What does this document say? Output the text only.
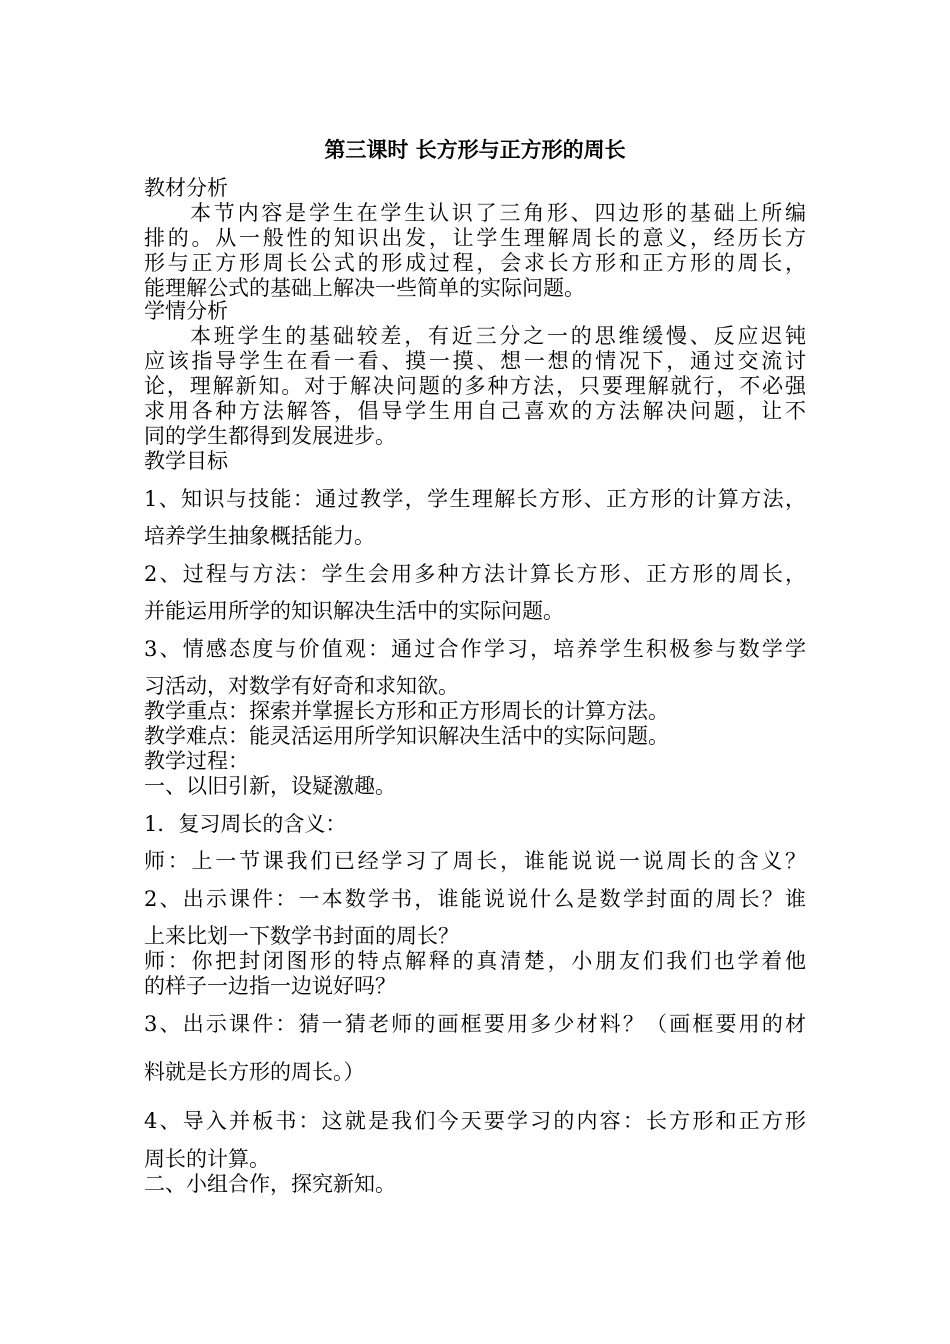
第三课时 长方形与正方形的周长

教材分析

本节内容是学生在学生认识了三角形、四边形的基础上所编

排的。从一般性的知识出发，让学生理解周长的意义，经历长方

形与正方形周长公式的形成过程，会求长方形和正方形的周长，

能理解公式的基础上解决一些简单的实际问题。

学情分析

本班学生的基础较差，有近三分之一的思维缓慢、反应迟钝

应该指导学生在看一看、摸一摸、想一想的情况下，通过交流讨

论，理解新知。对于解决问题的多种方法，只要理解就行，不必强

求用各种方法解答，倡导学生用自己喜欢的方法解决问题，让不

同的学生都得到发展进步。

教学目标

1、知识与技能：通过教学，学生理解长方形、正方形的计算方法，

培养学生抽象概括能力。

2、过程与方法：学生会用多种方法计算长方形、正方形的周长，

并能运用所学的知识解决生活中的实际问题。

3、情感态度与价值观：通过合作学习，培养学生积极参与数学学

习活动，对数学有好奇和求知欲。

教学重点：探索并掌握长方形和正方形周长的计算方法。

教学难点：能灵活运用所学知识解决生活中的实际问题。

教学过程：

一、以旧引新，设疑激趣。

1．复习周长的含义：

师：上一节课我们已经学习了周长，谁能说说一说周长的含义？

2、出示课件：一本数学书，谁能说说什么是数学封面的周长？谁

上来比划一下数学书封面的周长？

师：你把封闭图形的特点解释的真清楚，小朋友们我们也学着他

的样子一边指一边说好吗？

3、出示课件：猜一猜老师的画框要用多少材料？（画框要用的材

料就是长方形的周长。）

4、导入并板书：这就是我们今天要学习的内容：长方形和正方形

周长的计算。

二、小组合作，探究新知。
